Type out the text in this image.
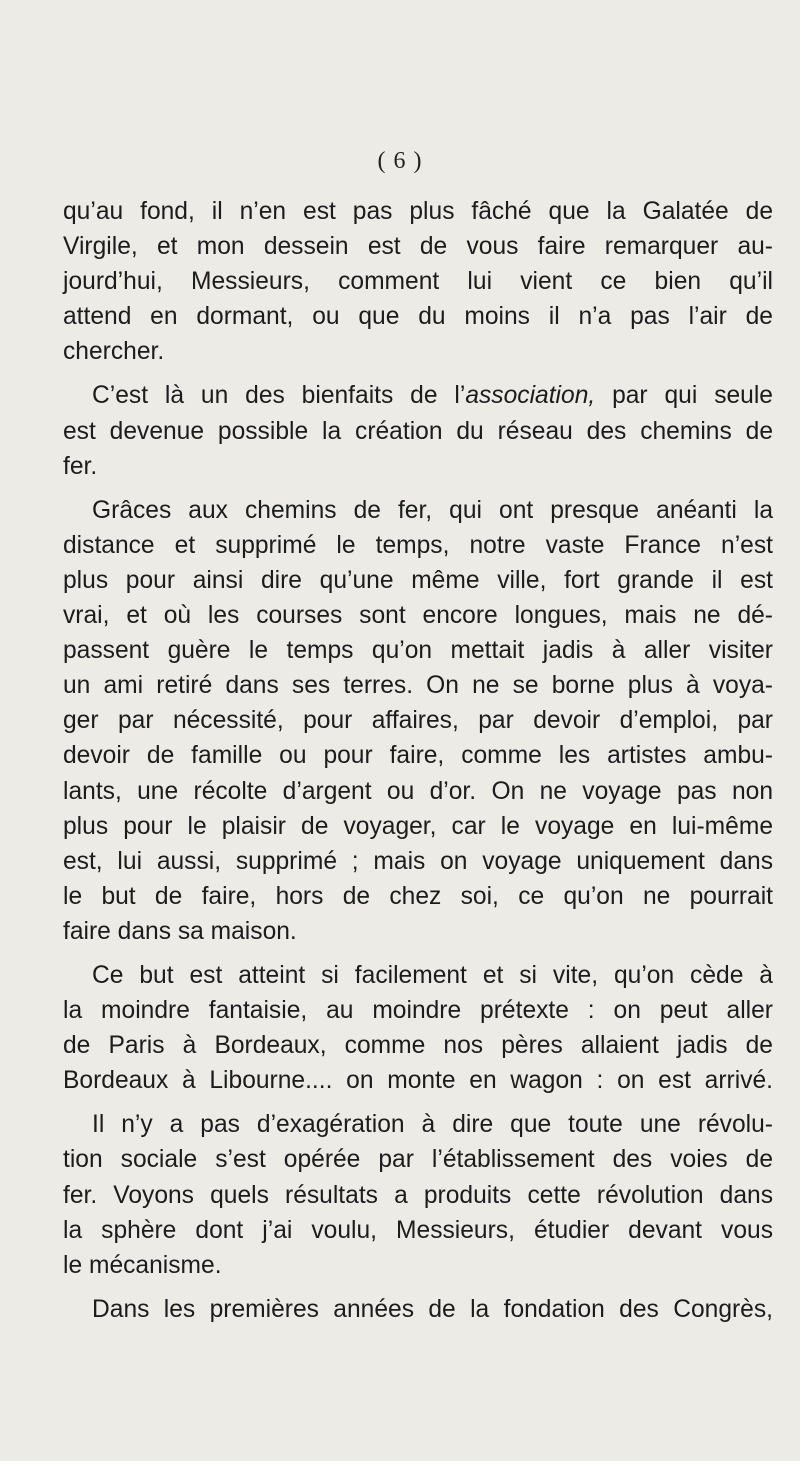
( 6 )
qu’au fond, il n’en est pas plus fâché que la Galatée de
Virgile, et mon dessein est de vous faire remarquer au-
jourd’hui, Messieurs, comment lui vient ce bien qu’il
attend en dormant, ou que du moins il n’a pas l’air de
chercher.
C’est là un des bienfaits de l’association, par qui seule
est devenue possible la création du réseau des chemins de
fer.
Grâces aux chemins de fer, qui ont presque anéanti la
distance et supprimé le temps, notre vaste France n’est
plus pour ainsi dire qu’une même ville, fort grande il est
vrai, et où les courses sont encore longues, mais ne dé-
passent guère le temps qu’on mettait jadis à aller visiter
un ami retiré dans ses terres. On ne se borne plus à voya-
ger par nécessité, pour affaires, par devoir d’emploi, par
devoir de famille ou pour faire, comme les artistes ambu-
lants, une récolte d’argent ou d’or. On ne voyage pas non
plus pour le plaisir de voyager, car le voyage en lui-même
est, lui aussi, supprimé ; mais on voyage uniquement dans
le but de faire, hors de chez soi, ce qu’on ne pourrait
faire dans sa maison.
Ce but est atteint si facilement et si vite, qu’on cède à
la moindre fantaisie, au moindre prétexte : on peut aller
de Paris à Bordeaux, comme nos pères allaient jadis de
Bordeaux à Libourne.... on monte en wagon : on est arrivé.
Il n’y a pas d’exagération à dire que toute une révolu-
tion sociale s’est opérée par l’établissement des voies de
fer. Voyons quels résultats a produits cette révolution dans
la sphère dont j’ai voulu, Messieurs, étudier devant vous
le mécanisme.
Dans les premières années de la fondation des Congrès,
